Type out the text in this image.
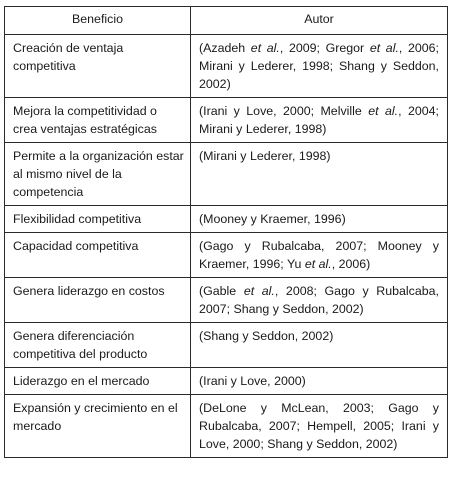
Beneficio	Autor
Creación de ventaja competitiva	(Azadeh et al., 2009; Gregor et al., 2006; Mirani y Lederer, 1998; Shang y Seddon, 2002)
Mejora la competitividad o crea ventajas estratégicas	(Irani y Love, 2000; Melville et al., 2004; Mirani y Lederer, 1998)
Permite a la organización estar al mismo nivel de la competencia	(Mirani y Lederer, 1998)
Flexibilidad competitiva	(Mooney y Kraemer, 1996)
Capacidad competitiva	(Gago y Rubalcaba, 2007; Mooney y Kraemer, 1996; Yu et al., 2006)
Genera liderazgo en costos	(Gable et al., 2008; Gago y Rubalcaba, 2007; Shang y Seddon, 2002)
Genera diferenciación competitiva del producto	(Shang y Seddon, 2002)
Liderazgo en el mercado	(Irani y Love, 2000)
Expansión y crecimiento en el mercado	(DeLone y McLean, 2003; Gago y Rubalcaba, 2007; Hempell, 2005; Irani y Love, 2000; Shang y Seddon, 2002)
